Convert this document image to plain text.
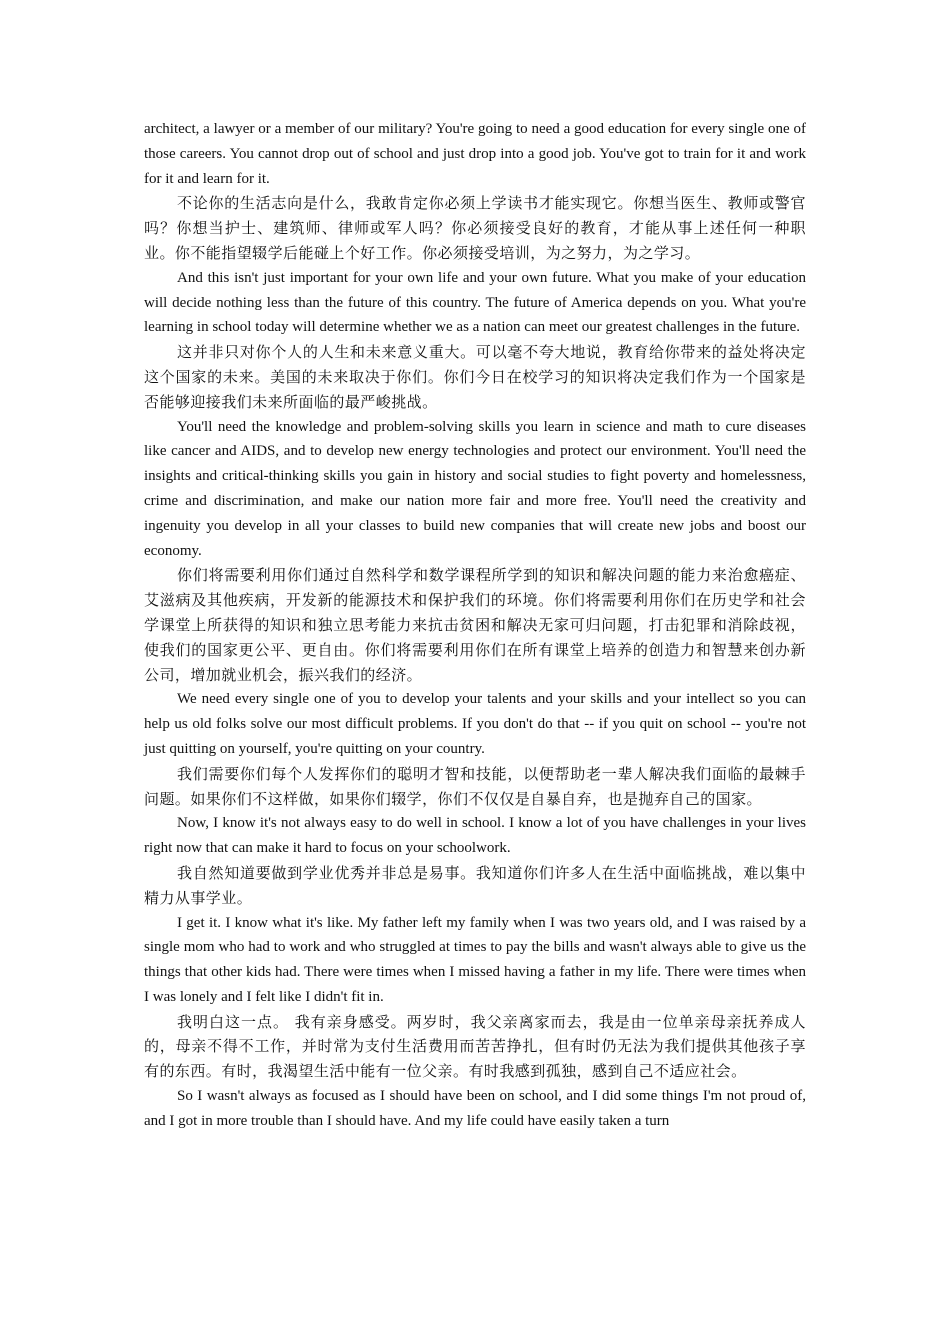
architect, a lawyer or a member of our military? You're going to need a good education for every single one of those careers. You cannot drop out of school and just drop into a good job. You've got to train for it and work for it and learn for it.

不论你的生活志向是什么，我敢肯定你必须上学读书才能实现它。你想当医生、教师或警官吗？你想当护士、建筑师、律师或军人吗？你必须接受良好的教育，才能从事上述任何一种职业。你不能指望辍学后能碰上个好工作。你必须接受培训，为之努力，为之学习。

And this isn't just important for your own life and your own future. What you make of your education will decide nothing less than the future of this country. The future of America depends on you. What you're learning in school today will determine whether we as a nation can meet our greatest challenges in the future.

这并非只对你个人的人生和未来意义重大。可以毫不夸大地说，教育给你带来的益处将决定这个国家的未来。美国的未来取决于你们。你们今日在校学习的知识将决定我们作为一个国家是否能够迎接我们未来所面临的最严峻挑战。

You'll need the knowledge and problem-solving skills you learn in science and math to cure diseases like cancer and AIDS, and to develop new energy technologies and protect our environment. You'll need the insights and critical-thinking skills you gain in history and social studies to fight poverty and homelessness, crime and discrimination, and make our nation more fair and more free. You'll need the creativity and ingenuity you develop in all your classes to build new companies that will create new jobs and boost our economy.

你们将需要利用你们通过自然科学和数学课程所学到的知识和解决问题的能力来治愈癌症、艾滋病及其他疾病，开发新的能源技术和保护我们的环境。你们将需要利用你们在历史学和社会学课堂上所获得的知识和独立思考能力来抗击贫困和解决无家可归问题，打击犯罪和消除歧视，使我们的国家更公平、更自由。你们将需要利用你们在所有课堂上培养的创造力和智慧来创办新公司，增加就业机会，振兴我们的经济。

We need every single one of you to develop your talents and your skills and your intellect so you can help us old folks solve our most difficult problems. If you don't do that -- if you quit on school -- you're not just quitting on yourself, you're quitting on your country.

我们需要你们每个人发挥你们的聪明才智和技能，以便帮助老一辈人解决我们面临的最棘手问题。如果你们不这样做，如果你们辍学，你们不仅仅是自暴自弃，也是抛弃自己的国家。

Now, I know it's not always easy to do well in school. I know a lot of you have challenges in your lives right now that can make it hard to focus on your schoolwork.

我自然知道要做到学业优秀并非总是易事。我知道你们许多人在生活中面临挑战，难以集中精力从事学业。

I get it. I know what it's like. My father left my family when I was two years old, and I was raised by a single mom who had to work and who struggled at times to pay the bills and wasn't always able to give us the things that other kids had. There were times when I missed having a father in my life. There were times when I was lonely and I felt like I didn't fit in.

我明白这一点。 我有亲身感受。两岁时，我父亲离家而去，我是由一位单亲母亲抚养成人的，母亲不得不工作，并时常为支付生活费用而苦苦挣扎，但有时仍无法为我们提供其他孩子享有的东西。有时，我渴望生活中能有一位父亲。有时我感到孤独，感到自己不适应社会。

So I wasn't always as focused as I should have been on school, and I did some things I'm not proud of, and I got in more trouble than I should have. And my life could have easily taken a turn
